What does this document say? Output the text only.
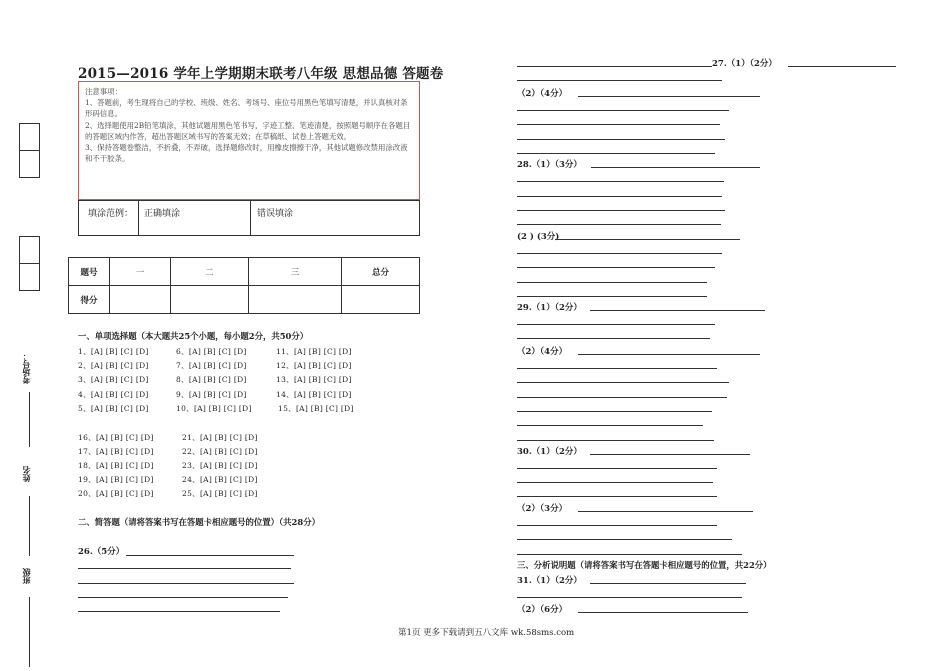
考场号：
姓名
班级
2015—2016 学年上学期期末联考八年级 思想品德 答题卷

注意事项：

1、答题前，考生现将自己的学校、班级、姓名、考场号、座位号用黑色笔填写清楚，并认真核对条形码信息。

2、选择题使用2B铅笔填涂，其他试题用黑色笔书写，字迹工整、笔迹清楚，按照题号顺序在各题目的答题区域内作答，超出答题区域书写的答案无效；在草稿纸、试卷上答题无效。

3、保持答题卷整洁，不折叠，不弄破，选择题修改时，用橡皮擦擦干净，其他试题修改禁用涂改液和不干胶条。

填涂范例： 正确填涂	错误填涂
题号	一	二	三	总分
得分				
一、单项选择题（本大题共25个小题，每小题2分，共50分）
1、[A] [B] [C] [D]	6、[A] [B] [C] [D]	11、[A] [B] [C] [D]
2、[A] [B] [C] [D]	7、[A] [B] [C] [D]	12、[A] [B] [C] [D]
3、[A] [B] [C] [D]	8、[A] [B] [C] [D]	13、[A] [B] [C] [D]
4、[A] [B] [C] [D]	9、[A] [B] [C] [D]	14、[A] [B] [C] [D]
5、[A] [B] [C] [D]	10、[A] [B] [C] [D]	15、[A] [B] [C] [D]
16、[A] [B] [C] [D]	21、[A] [B] [C] [D]
17、[A] [B] [C] [D]	22、[A] [B] [C] [D]
18、[A] [B] [C] [D]	23、[A] [B] [C] [D]
19、[A] [B] [C] [D]	24、[A] [B] [C] [D]
20、[A] [B] [C] [D]	25、[A] [B] [C] [D]
二、简答题（请将答案书写在答题卡相应题号的位置）（共28分）
26.（5分）
27.（1）（2分）
（2）（4分）
28.（1）（3分）
(2 ) (3分)
29.（1）（2分）
（2）（4分）
30.（1）（2分）
（2）（3分）
三、分析说明题（请将答案书写在答题卡相应题号的位置，共22分）
31.（1）（2分）
（2）（6分）
第1页 更多下载请到五八文库 wk.58sms.com
